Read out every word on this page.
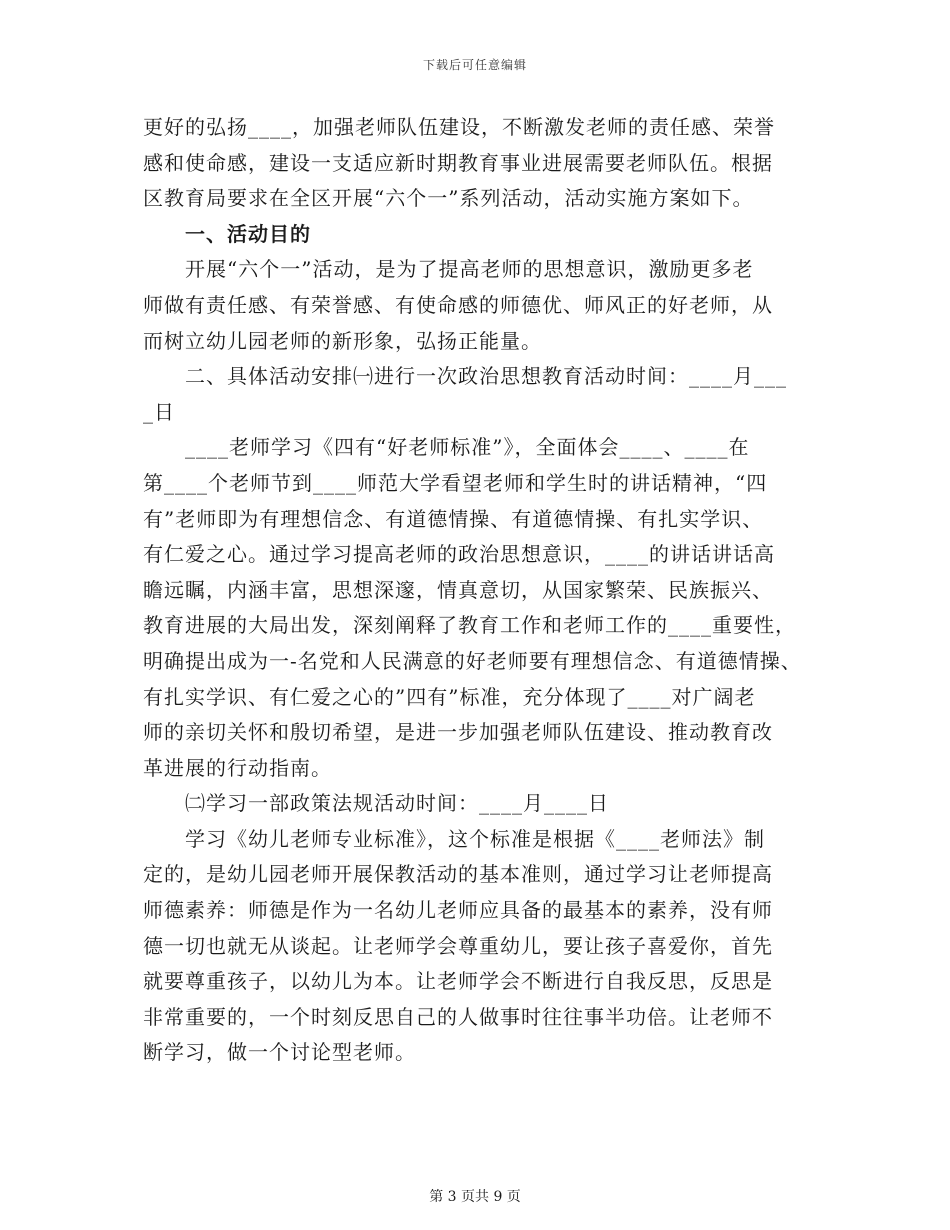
下载后可任意编辑
更好的弘扬____，加强老师队伍建设，不断激发老师的责任感、荣誉
感和使命感，建设一支适应新时期教育事业进展需要老师队伍。根据
区教育局要求在全区开展“六个一”系列活动，活动实施方案如下。
一、活动目的
开展“六个一”活动，是为了提高老师的思想意识，激励更多老
师做有责任感、有荣誉感、有使命感的师德优、师风正的好老师，从
而树立幼儿园老师的新形象，弘扬正能量。
二、具体活动安排㈠进行一次政治思想教育活动时间：____月___
_日
____老师学习《四有“好老师标准”》，全面体会____、____在
第____个老师节到____师范大学看望老师和学生时的讲话精神，“四
有”老师即为有理想信念、有道德情操、有道德情操、有扎实学识、
有仁爱之心。通过学习提高老师的政治思想意识，____的讲话讲话高
瞻远瞩，内涵丰富，思想深邃，情真意切，从国家繁荣、民族振兴、
教育进展的大局出发，深刻阐释了教育工作和老师工作的____重要性，
明确提出成为一-名党和人民满意的好老师要有理想信念、有道德情操、
有扎实学识、有仁爱之心的”四有”标准，充分体现了____对广阔老
师的亲切关怀和殷切希望，是进一步加强老师队伍建设、推动教育改
革进展的行动指南。
㈡学习一部政策法规活动时间：____月____日
学习《幼儿老师专业标准》，这个标准是根据《____老师法》制
定的，是幼儿园老师开展保教活动的基本准则，通过学习让老师提高
师德素养：师德是作为一名幼儿老师应具备的最基本的素养，没有师
德一切也就无从谈起。让老师学会尊重幼儿，要让孩子喜爱你，首先
就要尊重孩子，以幼儿为本。让老师学会不断进行自我反思，反思是
非常重要的，一个时刻反思自己的人做事时往往事半功倍。让老师不
断学习，做一个讨论型老师。
第 3 页共 9 页
